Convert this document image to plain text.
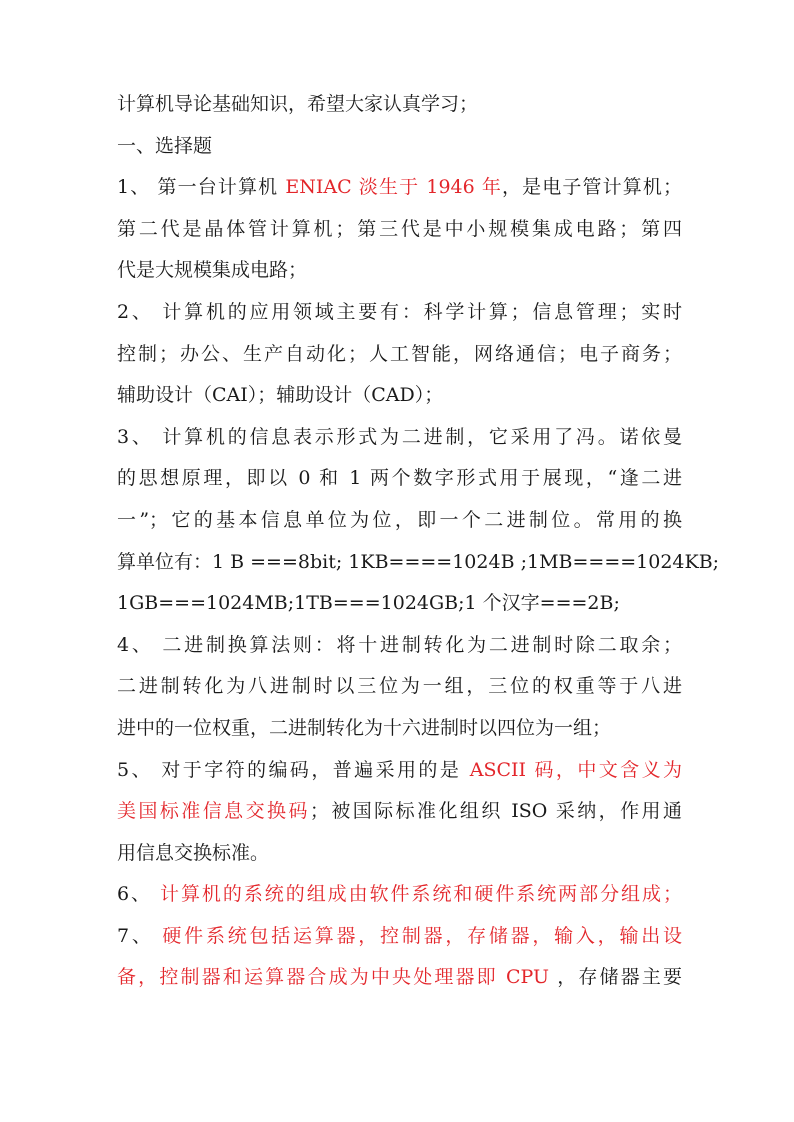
计算机导论基础知识，希望大家认真学习；
一、选择题
1、 第一台计算机 ENIAC 淡生于 1946 年，是电子管计算机；
第二代是晶体管计算机；第三代是中小规模集成电路；第四
代是大规模集成电路；
2、 计算机的应用领域主要有：科学计算；信息管理；实时
控制；办公、生产自动化；人工智能，网络通信；电子商务；
辅助设计（CAI）；辅助设计（CAD）；
3、 计算机的信息表示形式为二进制，它采用了冯。诺依曼
的思想原理，即以 0 和 1 两个数字形式用于展现，“逢二进
一”；它的基本信息单位为位，即一个二进制位。常用的换
算单位有：1 B ===8bit; 1KB====1024B ;1MB====1024KB;
1GB===1024MB;1TB===1024GB;1 个汉字===2B;
4、 二进制换算法则：将十进制转化为二进制时除二取余；
二进制转化为八进制时以三位为一组，三位的权重等于八进
进中的一位权重，二进制转化为十六进制时以四位为一组；
5、 对于字符的编码，普遍采用的是 ASCII 码，中文含义为
美国标准信息交换码；被国际标准化组织 ISO 采纳，作用通
用信息交换标准。
6、 计算机的系统的组成由软件系统和硬件系统两部分组成；
7、 硬件系统包括运算器，控制器，存储器，输入，输出设
备，控制器和运算器合成为中央处理器即 CPU ，存储器主要
